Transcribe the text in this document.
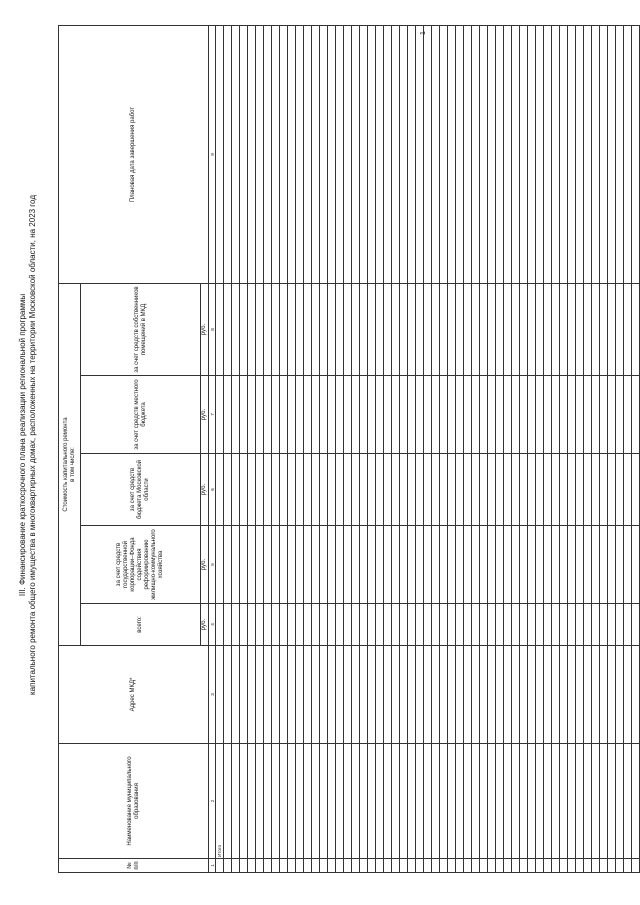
III. Финансирование краткосрочного плана реализации региональной программы капитального ремонта общего имущества в многоквартирных домах, расположенных на территории Московской области, на 2023 год
№ п/п	Наименование муниципального образования	Адрес МКД*	Стоимость капитального ремонта в том числе:					Плановая дата завершения работ
			всего:	за счет средств государственной корпорации–Фонда содействия реформированию жилищно-коммунального хозяйства	за счет средств бюджета Московской области	за счет средств местного бюджета	за счет средств собственников помещений в МКД	
			руб.	руб.	руб.	руб.	руб.	
1	2	3	4	5	6	7	8	9
	Итого							

1
